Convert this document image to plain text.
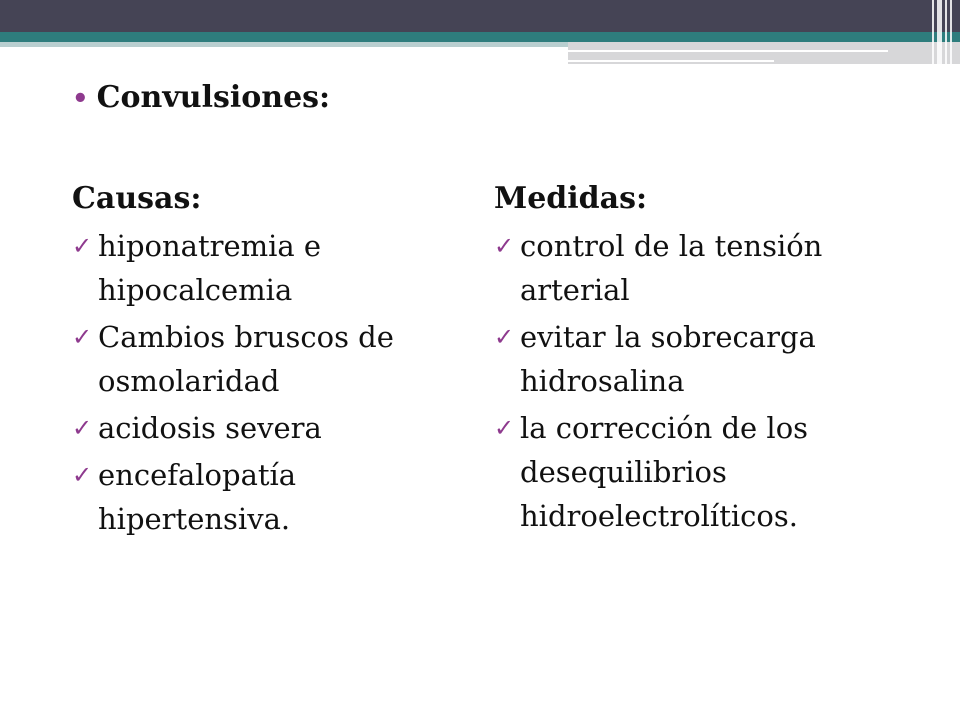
• Convulsiones:
Causas:
✓ hiponatremia e hipocalcemia
✓ Cambios bruscos de osmolaridad
✓ acidosis severa
✓ encefalopatía hipertensiva.
Medidas:
✓ control de la tensión arterial
✓ evitar la sobrecarga hidrosalina
✓ la corrección de los desequilibrios hidroelectrolíticos.
